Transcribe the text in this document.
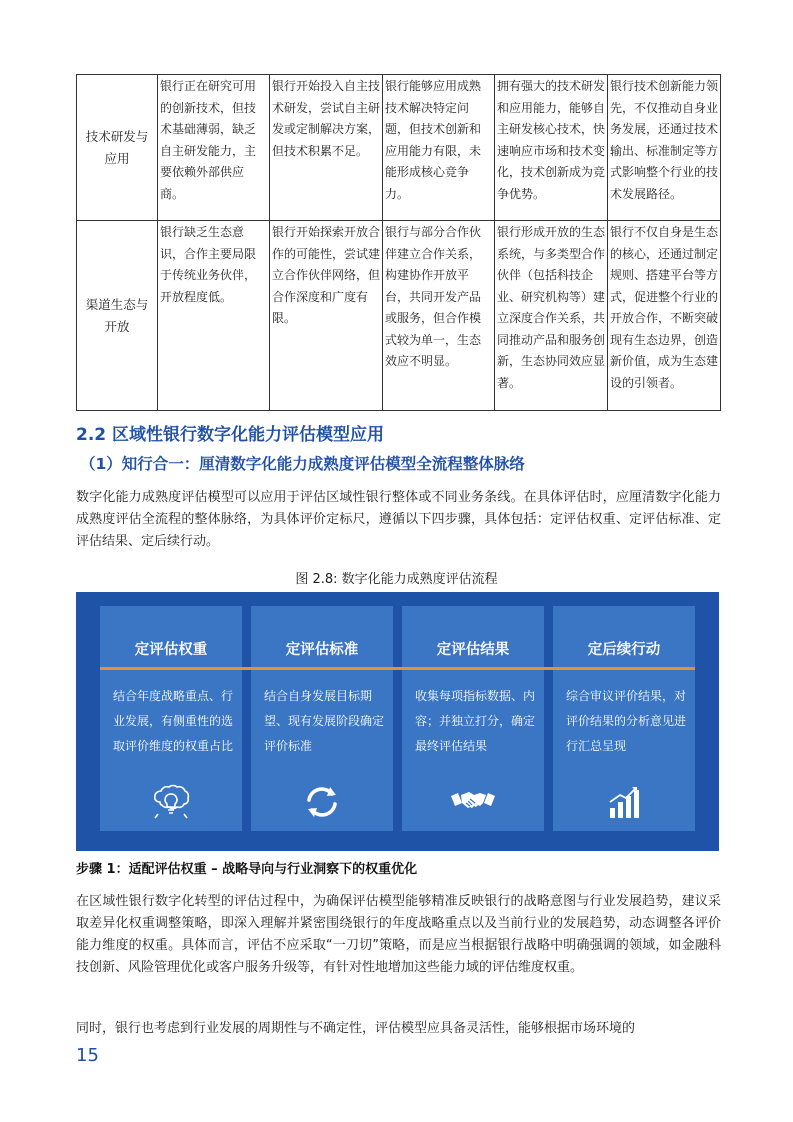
技术研发与应用	银行正在研究可用的创新技术，但技术基础薄弱，缺乏自主研发能力，主要依赖外部供应商。	银行开始投入自主技术研发，尝试自主研发或定制解决方案，但技术积累不足。	银行能够应用成熟技术解决特定问题，但技术创新和应用能力有限，未能形成核心竞争力。	拥有强大的技术研发和应用能力，能够自主研发核心技术，快速响应市场和技术变化，技术创新成为竞争优势。	银行技术创新能力领先，不仅推动自身业务发展，还通过技术输出、标准制定等方式影响整个行业的技术发展路径。
渠道生态与开放	银行缺乏生态意识，合作主要局限于传统业务伙伴，开放程度低。	银行开始探索开放合作的可能性，尝试建立合作伙伴网络，但合作深度和广度有限。	银行与部分合作伙伴建立合作关系，构建协作开放平台，共同开发产品或服务，但合作模式较为单一，生态效应不明显。	银行形成开放的生态系统，与多类型合作伙伴（包括科技企业、研究机构等）建立深度合作关系，共同推动产品和服务创新，生态协同效应显著。	银行不仅自身是生态的核心，还通过制定规则、搭建平台等方式，促进整个行业的开放合作，不断突破现有生态边界，创造新价值，成为生态建设的引领者。
2.2 区域性银行数字化能力评估模型应用
（1）知行合一：厘清数字化能力成熟度评估模型全流程整体脉络

数字化能力成熟度评估模型可以应用于评估区域性银行整体或不同业务条线。在具体评估时，应厘清数字化能力成熟度评估全流程的整体脉络，为具体评价定标尺，遵循以下四步骤，具体包括：定评估权重、定评估标准、定评估结果、定后续行动。

图 2.8: 数字化能力成熟度评估流程
定评估权重
结合年度战略重点、行业发展，有侧重性的选取评价维度的权重占比
定评估标准
结合自身发展目标期望、现有发展阶段确定评价标准
定评估结果
收集每项指标数据、内容；并独立打分，确定最终评估结果
定后续行动
综合审议评价结果，对评价结果的分析意见进行汇总呈现
步骤 1：适配评估权重 – 战略导向与行业洞察下的权重优化

在区域性银行数字化转型的评估过程中，为确保评估模型能够精准反映银行的战略意图与行业发展趋势，建议采取差异化权重调整策略，即深入理解并紧密围绕银行的年度战略重点以及当前行业的发展趋势，动态调整各评价能力维度的权重。具体而言，评估不应采取“一刀切”策略，而是应当根据银行战略中明确强调的领域，如金融科技创新、风险管理优化或客户服务升级等，有针对性地增加这些能力域的评估维度权重。

同时，银行也考虑到行业发展的周期性与不确定性，评估模型应具备灵活性，能够根据市场环境的

15
